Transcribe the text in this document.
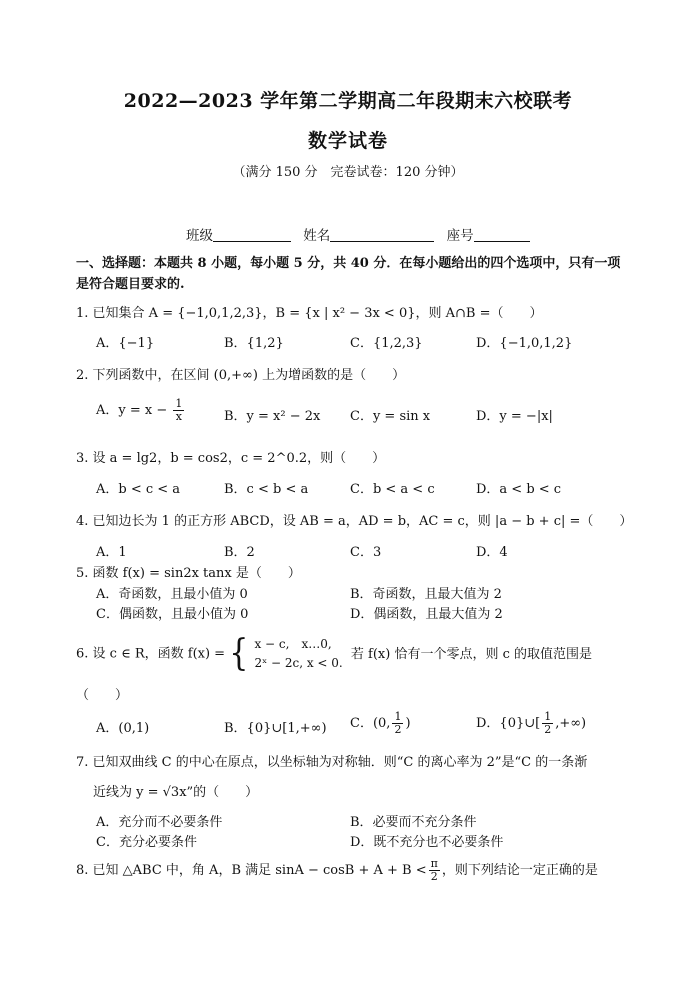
2022—2023 学年第二学期高二年段期末六校联考
数学试卷
（满分 150 分　完卷试卷：120 分钟）
班级	姓名	座号
一、选择题：本题共 8 小题，每小题 5 分，共 40 分．在每小题给出的四个选项中，只有一项是符合题目要求的.
1. 已知集合 A = {−1,0,1,2,3}，B = {x | x² − 3x < 0}，则 A∩B =（　　）
A．{−1}	B．{1,2}	C．{1,2,3}	D．{−1,0,1,2}
2. 下列函数中，在区间 (0,+∞) 上为增函数的是（　　）
A．$y = x - \frac{1}{x}$	B．y = x² − 2x C．y = sin x	D．y = −|x|
3. 设 a = lg2，b = cos2，c = 2^0.2，则（　　）
A．b < c < a	B．c < b < a	C．b < a < c	D．a < b < c
4. 已知边长为 1 的正方形 ABCD，设 AB = a，AD = b，AC = c，则 |a − b + c| =（　　）
A．1	B．2	C．3	D．4
5. 函数 f(x) = sin2x tanx 是（　　）
A．奇函数，且最小值为 0	B．奇函数，且最大值为 2
C．偶函数，且最小值为 0	D．偶函数，且最大值为 2
6. 设 c ∈ R，函数 f(x) = { x − c,　x…0,
2ˣ − 2c, x < 0.
若 f(x) 恰有一个零点，则 c 的取值范围是
（　　）
A．(0,1)	B．{0}∪[1,+∞) C．(0, $\frac{1}{2}$ )	D．{0}∪[ $\frac{1}{2}$ ,+∞)
7. 已知双曲线 C 的中心在原点，以坐标轴为对称轴．则“C 的离心率为 2”是“C 的一条渐
近线为 y = √3x”的（　　）
A．充分而不必要条件	B．必要而不充分条件
C．充分必要条件	D．既不充分也不必要条件
8. 已知 △ABC 中，角 A，B 满足 $\sin A - \cos B + A + B < \frac{\pi}{2}$ ，则下列结论一定正确的是
